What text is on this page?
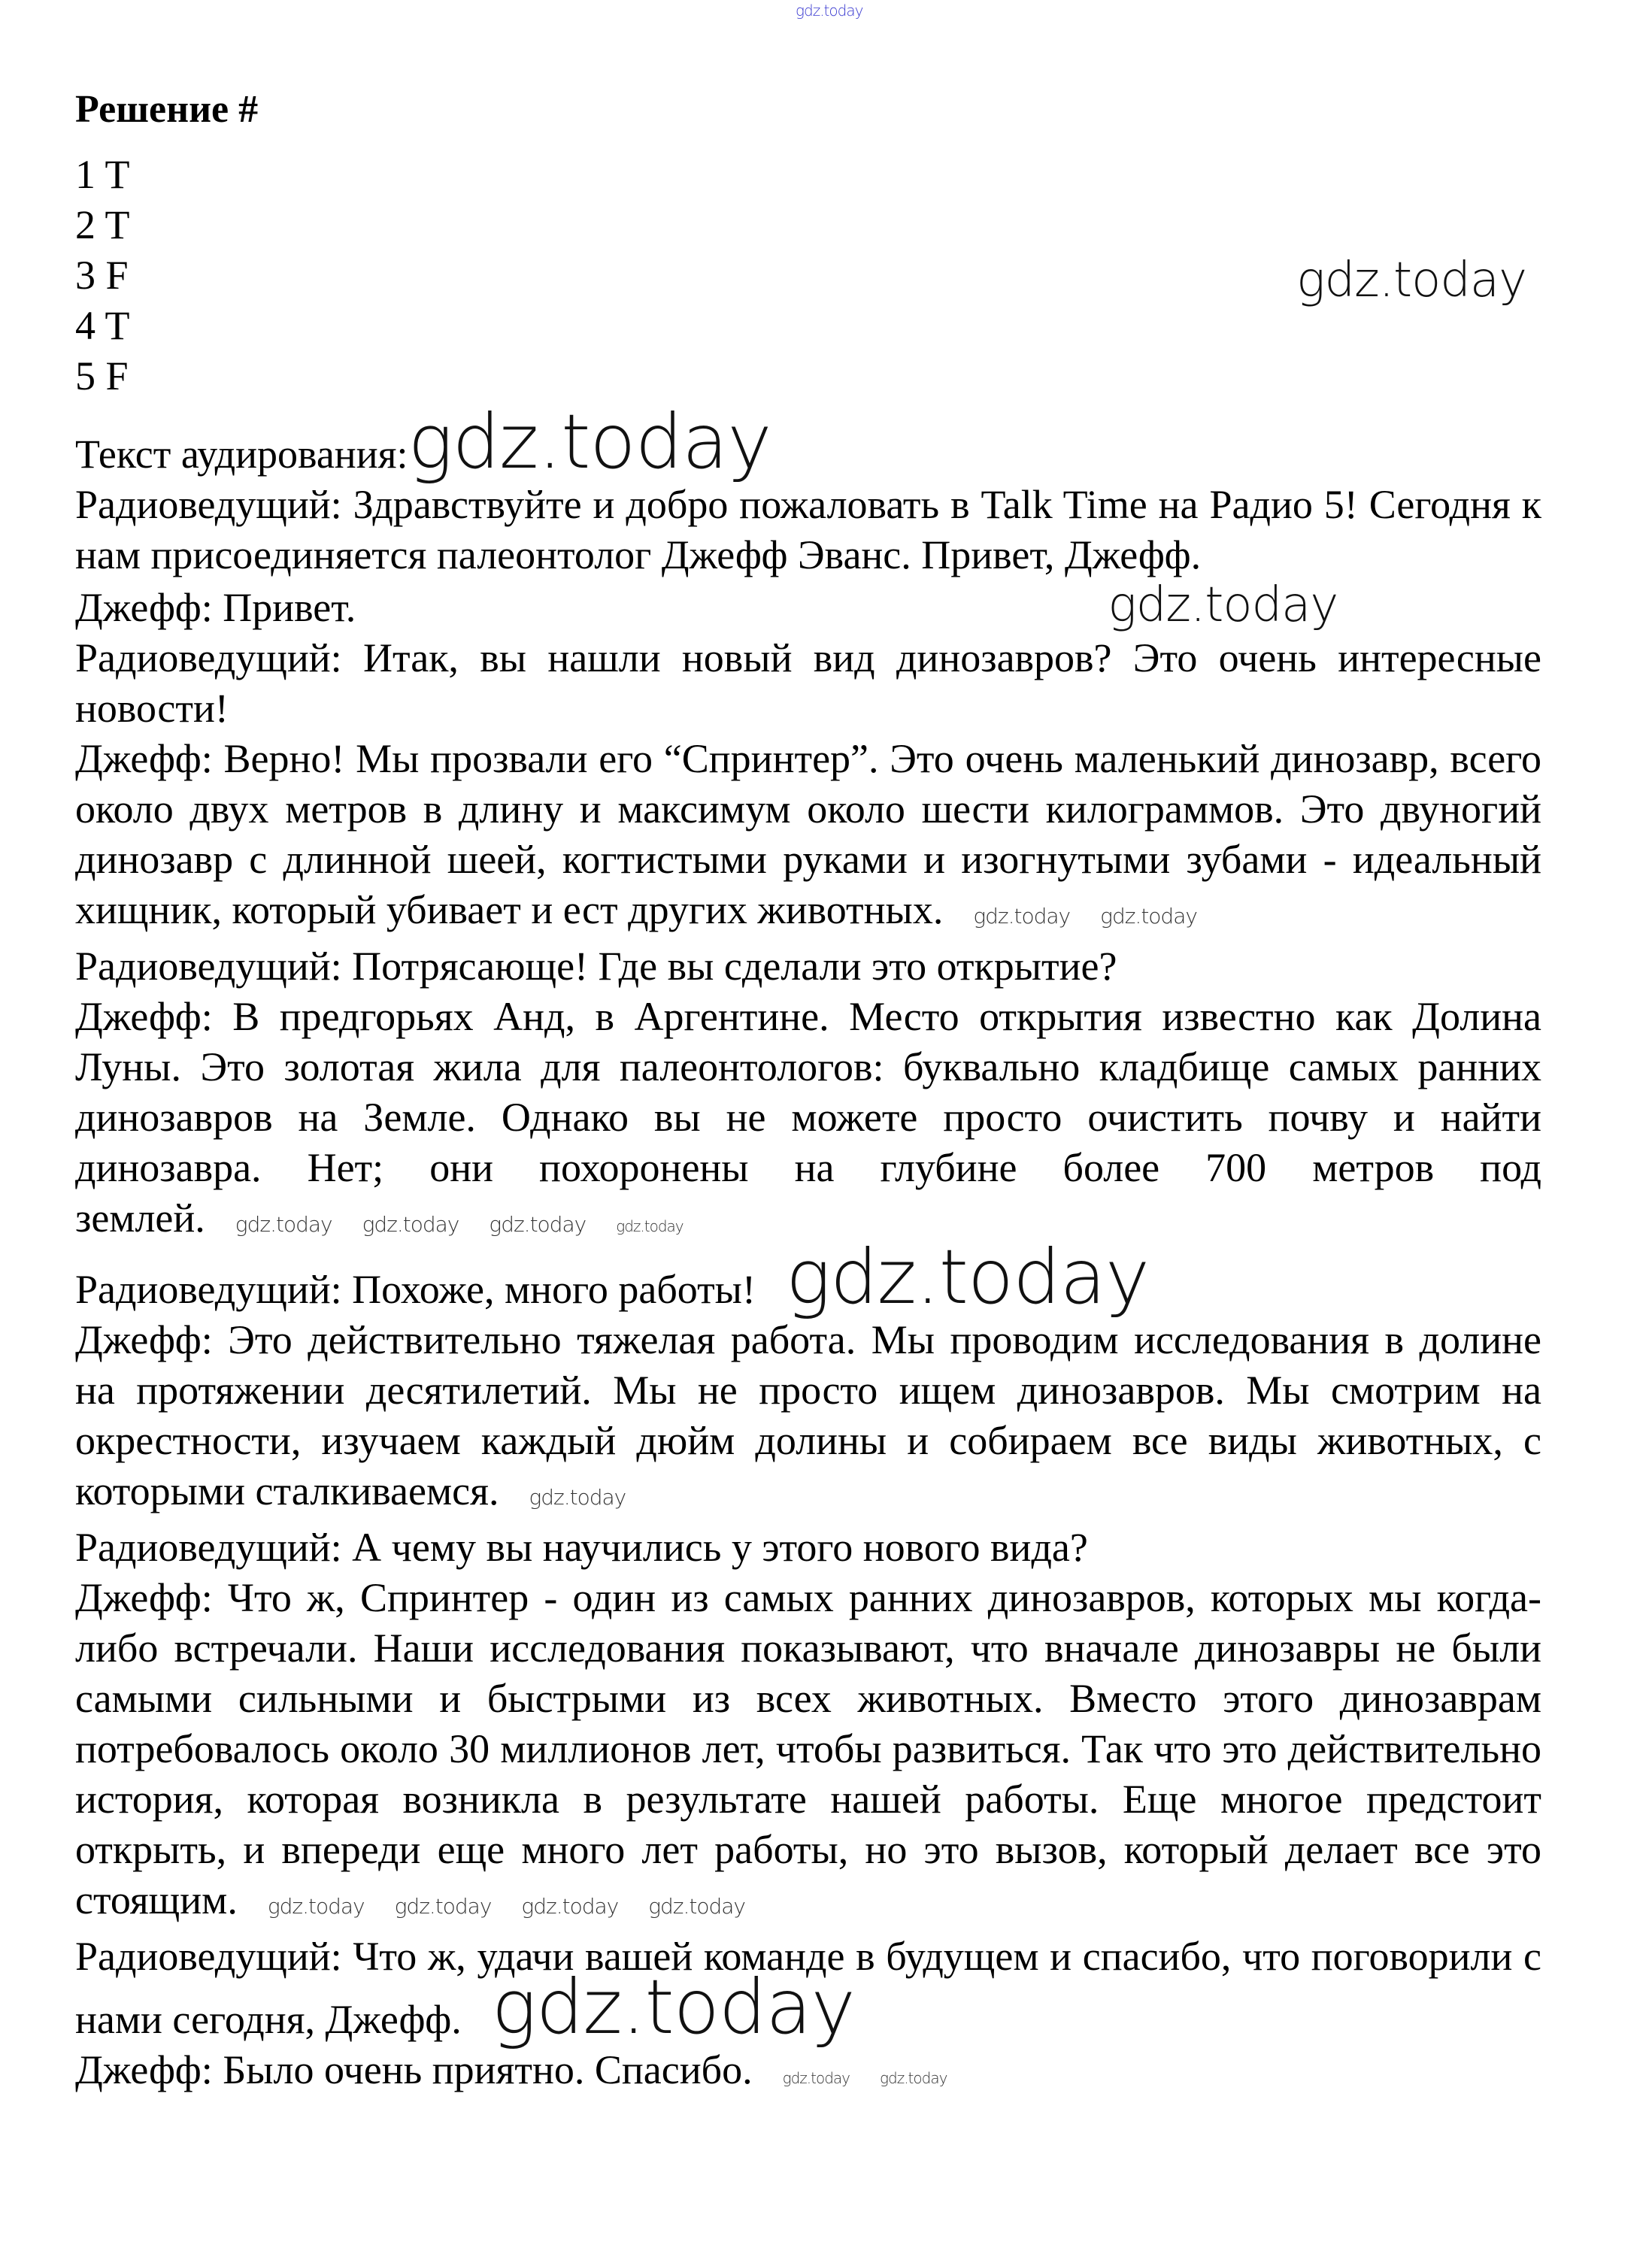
gdz.today
Решение #
gdz.today
1 T
2 T
3 F
4 T
5 F

Текст аудирования:gdz.today

Радиоведущий: Здравствуйте и добро пожаловать в Talk Time на Радио 5! Сегодня к нам присоединяется палеонтолог Джефф Эванс. Привет, Джефф.

Джефф: Привет.	gdz.today

Радиоведущий: Итак, вы нашли новый вид динозавров? Это очень интересные новости!

Джефф: Верно! Мы прозвали его “Спринтер”. Это очень маленький динозавр, всего около двух метров в длину и максимум около шести килограммов. Это двуногий динозавр с длинной шеей, когтистыми руками и изогнутыми зубами - идеальный хищник, который убивает и ест других животных. gdz.today gdz.today

Радиоведущий: Потрясающе! Где вы сделали это открытие?

Джефф: В предгорьях Анд, в Аргентине. Место открытия известно как Долина Луны. Это золотая жила для палеонтологов: буквально кладбище самых ранних динозавров на Земле. Однако вы не можете просто очистить почву и найти динозавра. Нет; они похоронены на глубине более 700 метров под землей. gdz.today gdz.today gdz.today gdz.today

Радиоведущий: Похоже, много работы! gdz.today

Джефф: Это действительно тяжелая работа. Мы проводим исследования в долине на протяжении десятилетий. Мы не просто ищем динозавров. Мы смотрим на окрестности, изучаем каждый дюйм долины и собираем все виды животных, с которыми сталкиваемся. gdz.today

Радиоведущий: А чему вы научились у этого нового вида?

Джефф: Что ж, Спринтер - один из самых ранних динозавров, которых мы когда-либо встречали. Наши исследования показывают, что вначале динозавры не были самыми сильными и быстрыми из всех животных. Вместо этого динозаврам потребовалось около 30 миллионов лет, чтобы развиться. Так что это действительно история, которая возникла в результате нашей работы. Еще многое предстоит открыть, и впереди еще много лет работы, но это вызов, который делает все это стоящим. gdz.today gdz.today gdz.today gdz.today

Радиоведущий: Что ж, удачи вашей команде в будущем и спасибо, что поговорили с нами сегодня, Джефф. gdz.today

Джефф: Было очень приятно. Спасибо. gdz.today gdz.today
